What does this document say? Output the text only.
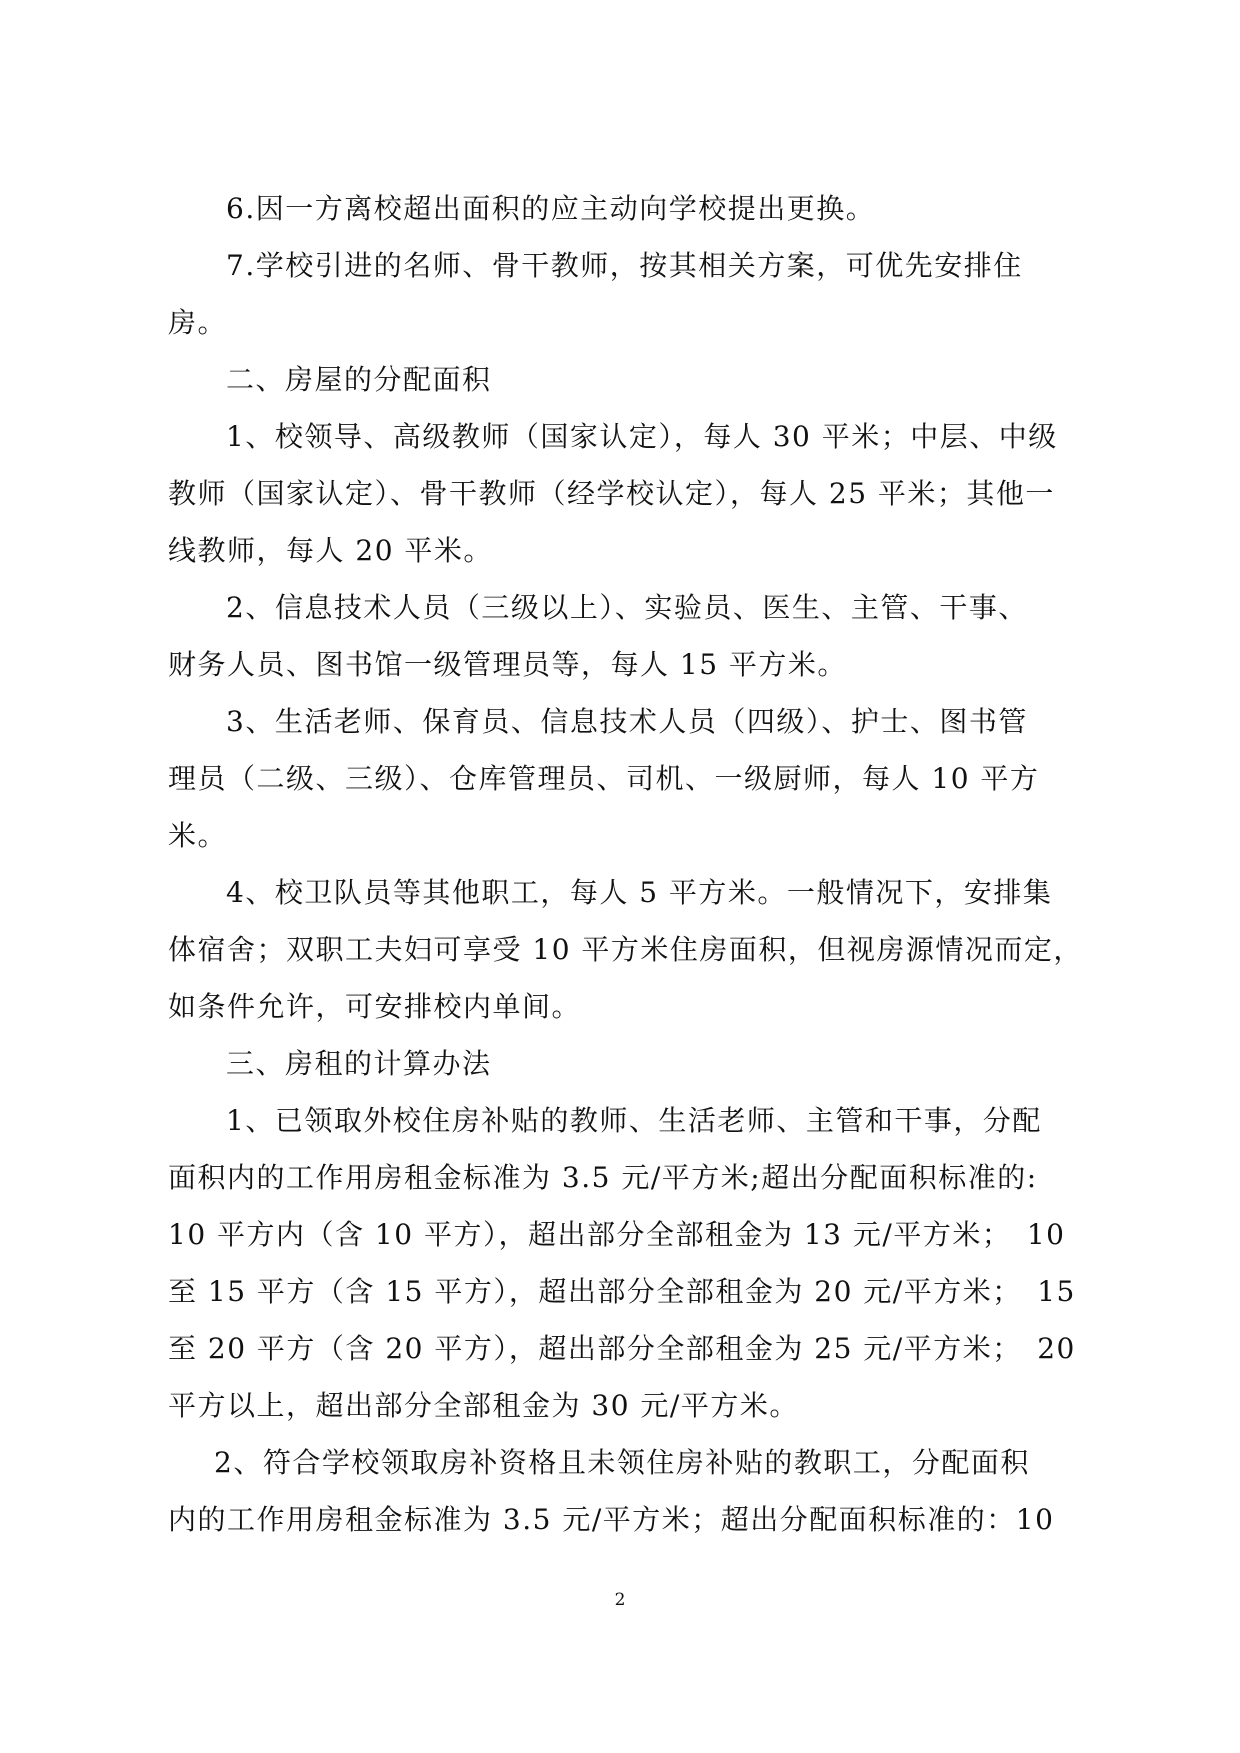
6.因一方离校超出面积的应主动向学校提出更换。

7.学校引进的名师、骨干教师，按其相关方案，可优先安排住
房。

二、房屋的分配面积

1、校领导、高级教师（国家认定），每人 30 平米；中层、中级
教师（国家认定）、骨干教师（经学校认定），每人 25 平米；其他一
线教师，每人 20 平米。

2、信息技术人员（三级以上）、实验员、医生、主管、干事、
财务人员、图书馆一级管理员等，每人 15 平方米。

3、生活老师、保育员、信息技术人员（四级）、护士、图书管
理员（二级、三级）、仓库管理员、司机、一级厨师，每人 10 平方
米。

4、校卫队员等其他职工，每人 5 平方米。一般情况下，安排集
体宿舍；双职工夫妇可享受 10 平方米住房面积，但视房源情况而定，
如条件允许，可安排校内单间。

三、房租的计算办法

1、已领取外校住房补贴的教师、生活老师、主管和干事，分配
面积内的工作用房租金标准为 3.5 元/平方米;超出分配面积标准的:
10 平方内（含 10 平方），超出部分全部租金为 13 元/平方米；　10
至 15 平方（含 15 平方），超出部分全部租金为 20 元/平方米；　15
至 20 平方（含 20 平方），超出部分全部租金为 25 元/平方米；　20
平方以上，超出部分全部租金为 30 元/平方米。

2、符合学校领取房补资格且未领住房补贴的教职工，分配面积
内的工作用房租金标准为 3.5 元/平方米；超出分配面积标准的：10

2
